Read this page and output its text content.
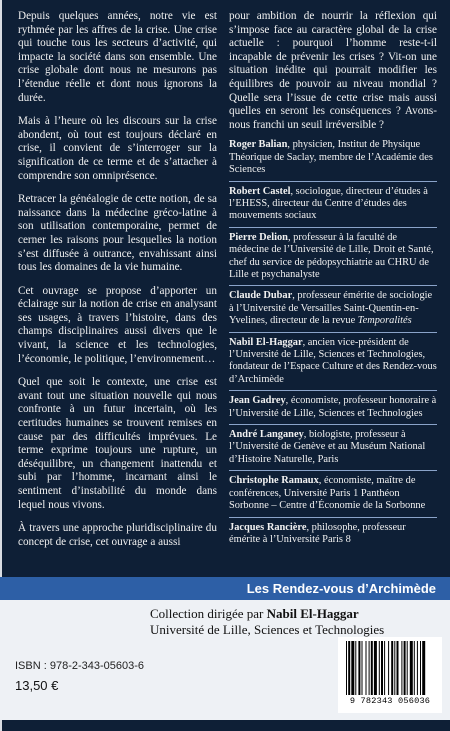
Depuis quelques années, notre vie est rythmée par les affres de la crise. Une crise qui touche tous les secteurs d’activité, qui impacte la société dans son ensemble. Une crise globale dont nous ne mesurons pas l’étendue réelle et dont nous ignorons la durée.

Mais à l’heure où les discours sur la crise abondent, où tout est toujours déclaré en crise, il convient de s’interroger sur la signification de ce terme et de s’attacher à comprendre son omniprésence.

Retracer la généalogie de cette notion, de sa naissance dans la médecine gréco-latine à son utilisation contemporaine, permet de cerner les raisons pour lesquelles la notion s’est diffusée à outrance, envahissant ainsi tous les domaines de la vie humaine.

Cet ouvrage se propose d’apporter un éclairage sur la notion de crise en analysant ses usages, à travers l’histoire, dans des champs disciplinaires aussi divers que le vivant, la science et les technologies, l’économie, le politique, l’environnement…

Quel que soit le contexte, une crise est avant tout une situation nouvelle qui nous confronte à un futur incertain, où les certitudes humaines se trouvent remises en cause par des difficultés imprévues. Le terme exprime toujours une rupture, un déséquilibre, un changement inattendu et subi par l’homme, incarnant ainsi le sentiment d’instabilité du monde dans lequel nous vivons.

À travers une approche pluridisciplinaire du concept de crise, cet ouvrage a aussi

pour ambition de nourrir la réflexion qui s’impose face au caractère global de la crise actuelle : pourquoi l’homme reste-t-il incapable de prévenir les crises ? Vit-on une situation inédite qui pourrait modifier les équilibres de pouvoir au niveau mondial ? Quelle sera l’issue de cette crise mais aussi quelles en seront les conséquences ? Avons-nous franchi un seuil irréversible ?

Roger Balian, physicien, Institut de Physique Théorique de Saclay, membre de l’Académie des Sciences
Robert Castel, sociologue, directeur d’études à l’EHESS, directeur du Centre d’études des mouvements sociaux
Pierre Delion, professeur à la faculté de médecine de l’Université de Lille, Droit et Santé, chef du service de pédopsychiatrie au CHRU de Lille et psychanalyste
Claude Dubar, professeur émérite de sociologie à l’Université de Versailles Saint-Quentin-en-Yvelines, directeur de la revue Temporalités
Nabil El-Haggar, ancien vice-président de l’Université de Lille, Sciences et Technologies, fondateur de l’Espace Culture et des Rendez-vous d’Archimède
Jean Gadrey, économiste, professeur honoraire à l’Université de Lille, Sciences et Technologies
André Langaney, biologiste, professeur à l’Université de Genève et au Muséum National d’Histoire Naturelle, Paris
Christophe Ramaux, économiste, maître de conférences, Université Paris 1 Panthéon Sorbonne – Centre d’Économie de la Sorbonne
Jacques Rancière, philosophe, professeur émérite à l’Université Paris 8
Les Rendez-vous d’Archimède
Collection dirigée par Nabil El-Haggar
Université de Lille, Sciences et Technologies
ISBN : 978-2-343-05603-6
13,50 €
9 782343 056036
